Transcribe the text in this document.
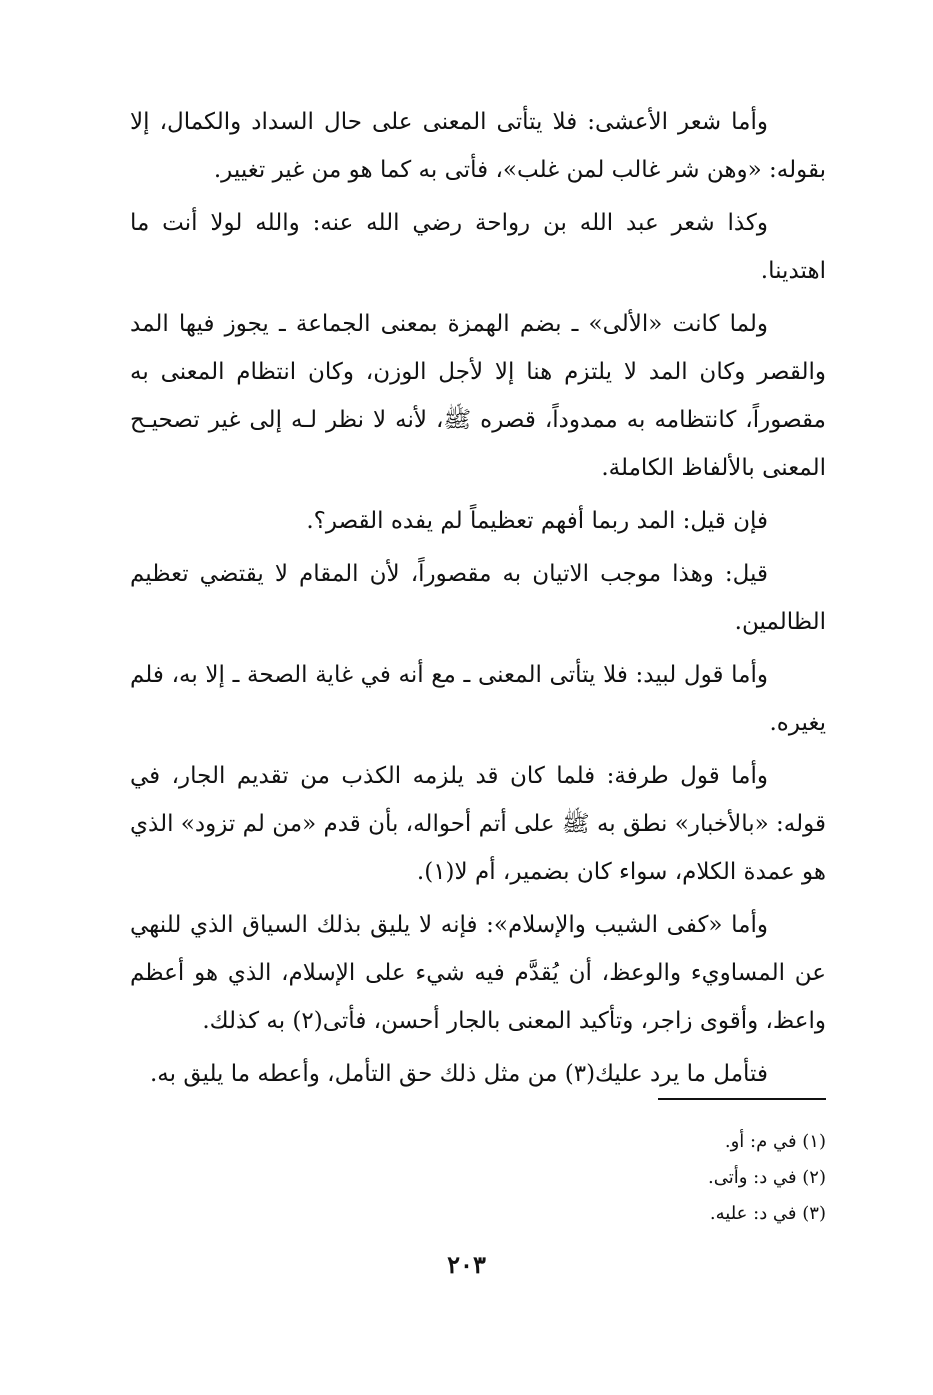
وأما شعر الأعشى: فلا يتأتى المعنى على حال السداد والكمال، إلا بقوله: «وهن شر غالب لمن غلب»، فأتى به كما هو من غير تغيير.

وكذا شعر عبد الله بن رواحة رضي الله عنه: والله لولا أنت ما اهتدينا.

ولما كانت «الألى» ـ بضم الهمزة بمعنى الجماعة ـ يجوز فيها المد والقصر وكان المد لا يلتزم هنا إلا لأجل الوزن، وكان انتظام المعنى به مقصوراً، كانتظامه به ممدوداً، قصره ﷺ، لأنه لا نظر لـه إلى غير تصحيـح المعنى بالألفاظ الكاملة.

فإن قيل: المد ربما أفهم تعظيماً لم يفده القصر؟.

قيل: وهذا موجب الاتيان به مقصوراً، لأن المقام لا يقتضي تعظيم الظالمين.

وأما قول لبيد: فلا يتأتى المعنى ـ مع أنه في غاية الصحة ـ إلا به، فلم يغيره.

وأما قول طرفة: فلما كان قد يلزمه الكذب من تقديم الجار، في قوله: «بالأخبار» نطق به ﷺ على أتم أحواله، بأن قدم «من لم تزود» الذي هو عمدة الكلام، سواء كان بضمير، أم لا(١).

وأما «كفى الشيب والإسلام»: فإنه لا يليق بذلك السياق الذي للنهي عن المساويء والوعظ، أن يُقدَّم فيه شيء على الإسلام، الذي هو أعظم واعظ، وأقوى زاجر، وتأكيد المعنى بالجار أحسن، فأتى(٢) به كذلك.

فتأمل ما يرد عليك(٣) من مثل ذلك حق التأمل، وأعطه ما يليق به.

(١) في م: أو.

(٢) في د: وأتى.

(٣) في د: عليه.

٢٠٣
